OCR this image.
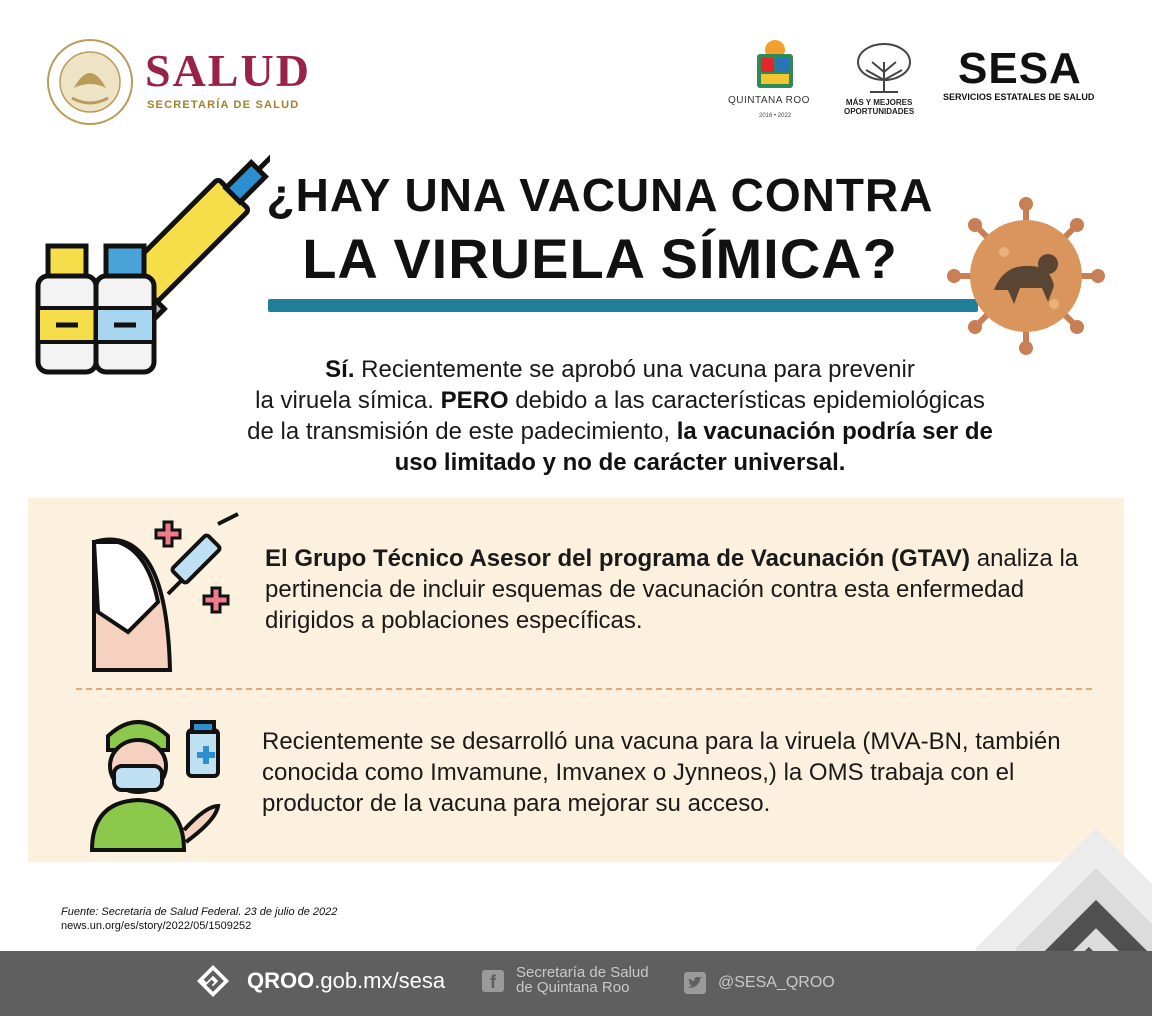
SALUD
SECRETARÍA DE SALUD	QUINTANA ROO
2016 • 2022
MÁS Y MEJORES
OPORTUNIDADES
SESA
SERVICIOS ESTATALES DE SALUD
¿HAY UNA VACUNA CONTRA
LA VIRUELA SÍMICA?
Sí. Recientemente se aprobó una vacuna para prevenir
la viruela símica. PERO debido a las características epidemiológicas
de la transmisión de este padecimiento, la vacunación podría ser de
uso limitado y no de carácter universal.
El Grupo Técnico Asesor del programa de Vacunación (GTAV) analiza la pertinencia de incluir esquemas de vacunación contra esta enfermedad dirigidos a poblaciones específicas.
Recientemente se desarrolló una vacuna para la viruela (MVA-BN, también conocida como Imvamune, Imvanex o Jynneos,) la OMS trabaja con el productor de la vacuna para mejorar su acceso.
Fuente: Secretaria de Salud Federal. 23 de julio de 2022
news.un.org/es/story/2022/05/1509252
QROO.gob.mx/sesa	f	Secretaría de Salud
de Quintana Roo	@SESA_QROO
